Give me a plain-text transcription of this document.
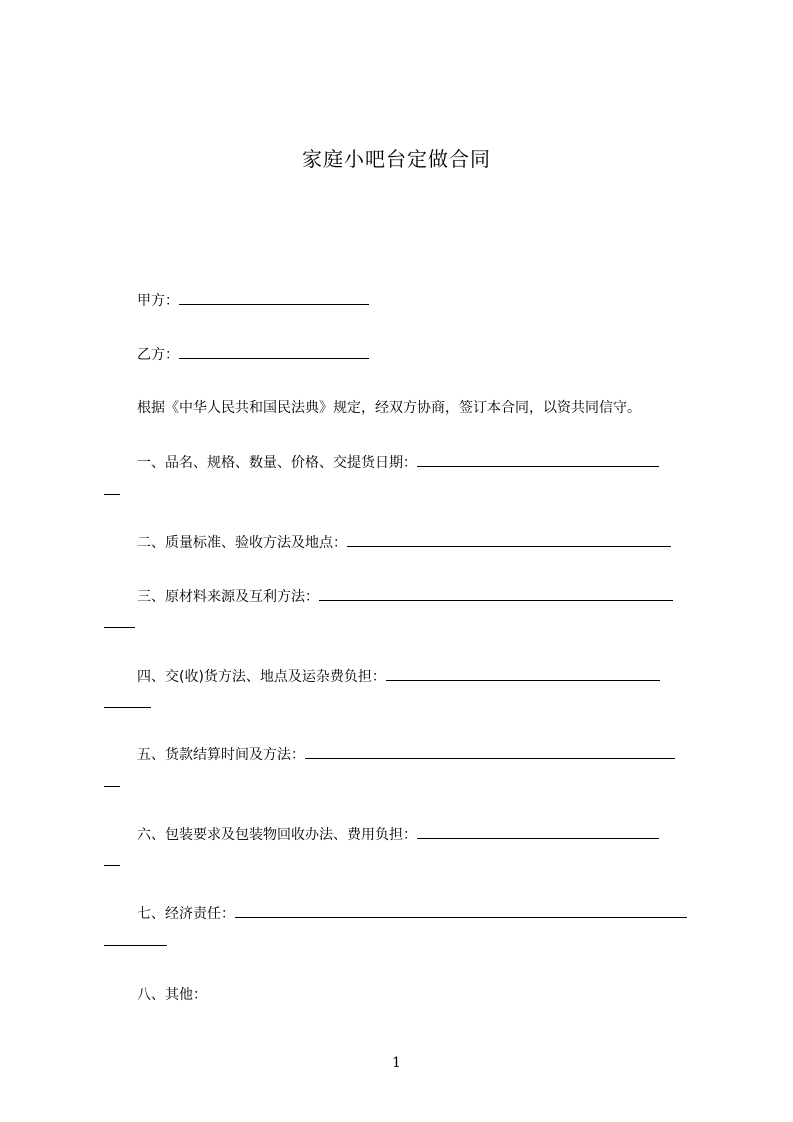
家庭小吧台定做合同
甲方：
乙方：
根据《中华人民共和国民法典》规定，经双方协商，签订本合同，以资共同信守。
一、品名、规格、数量、价格、交提货日期：
二、质量标准、验收方法及地点：
三、原材料来源及互利方法：
四、交(收)货方法、地点及运杂费负担：
五、货款结算时间及方法：
六、包装要求及包装物回收办法、费用负担：
七、经济责任：
八、其他：
1
